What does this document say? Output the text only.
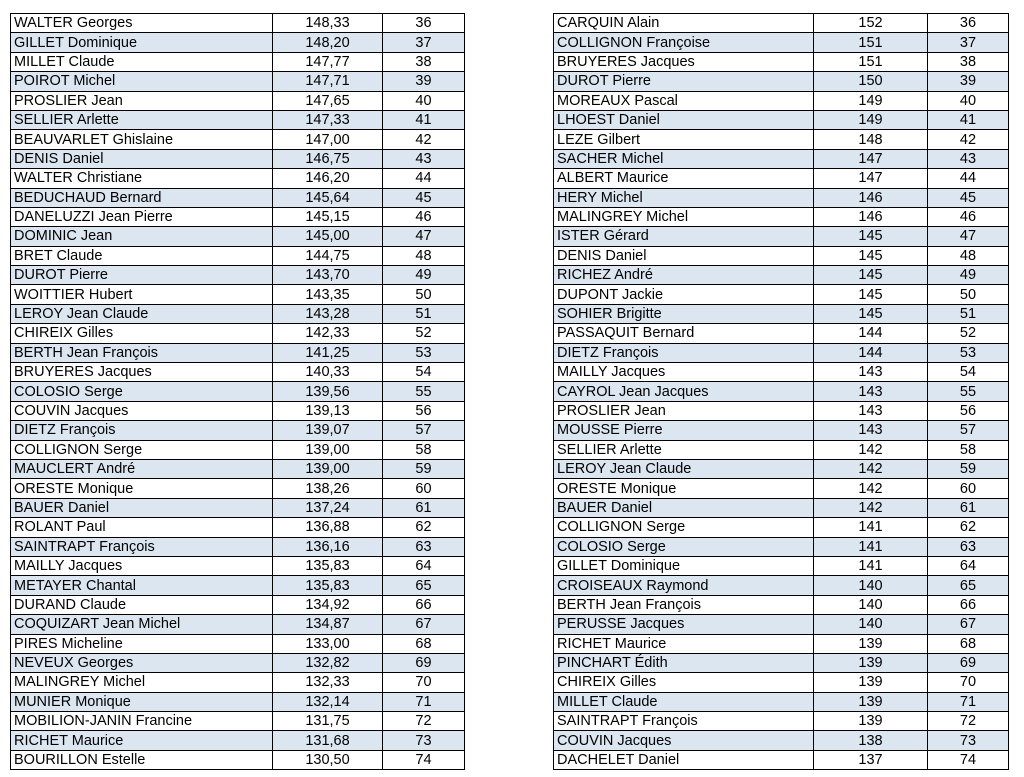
WALTER Georges	148,33	36
GILLET Dominique	148,20	37
MILLET Claude	147,77	38
POIROT Michel	147,71	39
PROSLIER Jean	147,65	40
SELLIER Arlette	147,33	41
BEAUVARLET Ghislaine	147,00	42
DENIS Daniel	146,75	43
WALTER Christiane	146,20	44
BEDUCHAUD Bernard	145,64	45
DANELUZZI Jean Pierre	145,15	46
DOMINIC Jean	145,00	47
BRET Claude	144,75	48
DUROT Pierre	143,70	49
WOITTIER Hubert	143,35	50
LEROY Jean Claude	143,28	51
CHIREIX Gilles	142,33	52
BERTH Jean François	141,25	53
BRUYERES Jacques	140,33	54
COLOSIO Serge	139,56	55
COUVIN Jacques	139,13	56
DIETZ François	139,07	57
COLLIGNON Serge	139,00	58
MAUCLERT André	139,00	59
ORESTE Monique	138,26	60
BAUER Daniel	137,24	61
ROLANT Paul	136,88	62
SAINTRAPT François	136,16	63
MAILLY Jacques	135,83	64
METAYER Chantal	135,83	65
DURAND Claude	134,92	66
COQUIZART Jean Michel	134,87	67
PIRES Micheline	133,00	68
NEVEUX Georges	132,82	69
MALINGREY Michel	132,33	70
MUNIER Monique	132,14	71
MOBILION-JANIN Francine	131,75	72
RICHET Maurice	131,68	73
BOURILLON Estelle	130,50	74
CARQUIN Alain	152	36
COLLIGNON Françoise	151	37
BRUYERES Jacques	151	38
DUROT Pierre	150	39
MOREAUX Pascal	149	40
LHOEST Daniel	149	41
LEZE Gilbert	148	42
SACHER Michel	147	43
ALBERT Maurice	147	44
HERY Michel	146	45
MALINGREY Michel	146	46
ISTER Gérard	145	47
DENIS Daniel	145	48
RICHEZ André	145	49
DUPONT Jackie	145	50
SOHIER Brigitte	145	51
PASSAQUIT Bernard	144	52
DIETZ François	144	53
MAILLY Jacques	143	54
CAYROL Jean Jacques	143	55
PROSLIER Jean	143	56
MOUSSE Pierre	143	57
SELLIER Arlette	142	58
LEROY Jean Claude	142	59
ORESTE Monique	142	60
BAUER Daniel	142	61
COLLIGNON Serge	141	62
COLOSIO Serge	141	63
GILLET Dominique	141	64
CROISEAUX Raymond	140	65
BERTH Jean François	140	66
PERUSSE Jacques	140	67
RICHET Maurice	139	68
PINCHART Édith	139	69
CHIREIX Gilles	139	70
MILLET Claude	139	71
SAINTRAPT François	139	72
COUVIN Jacques	138	73
DACHELET Daniel	137	74
